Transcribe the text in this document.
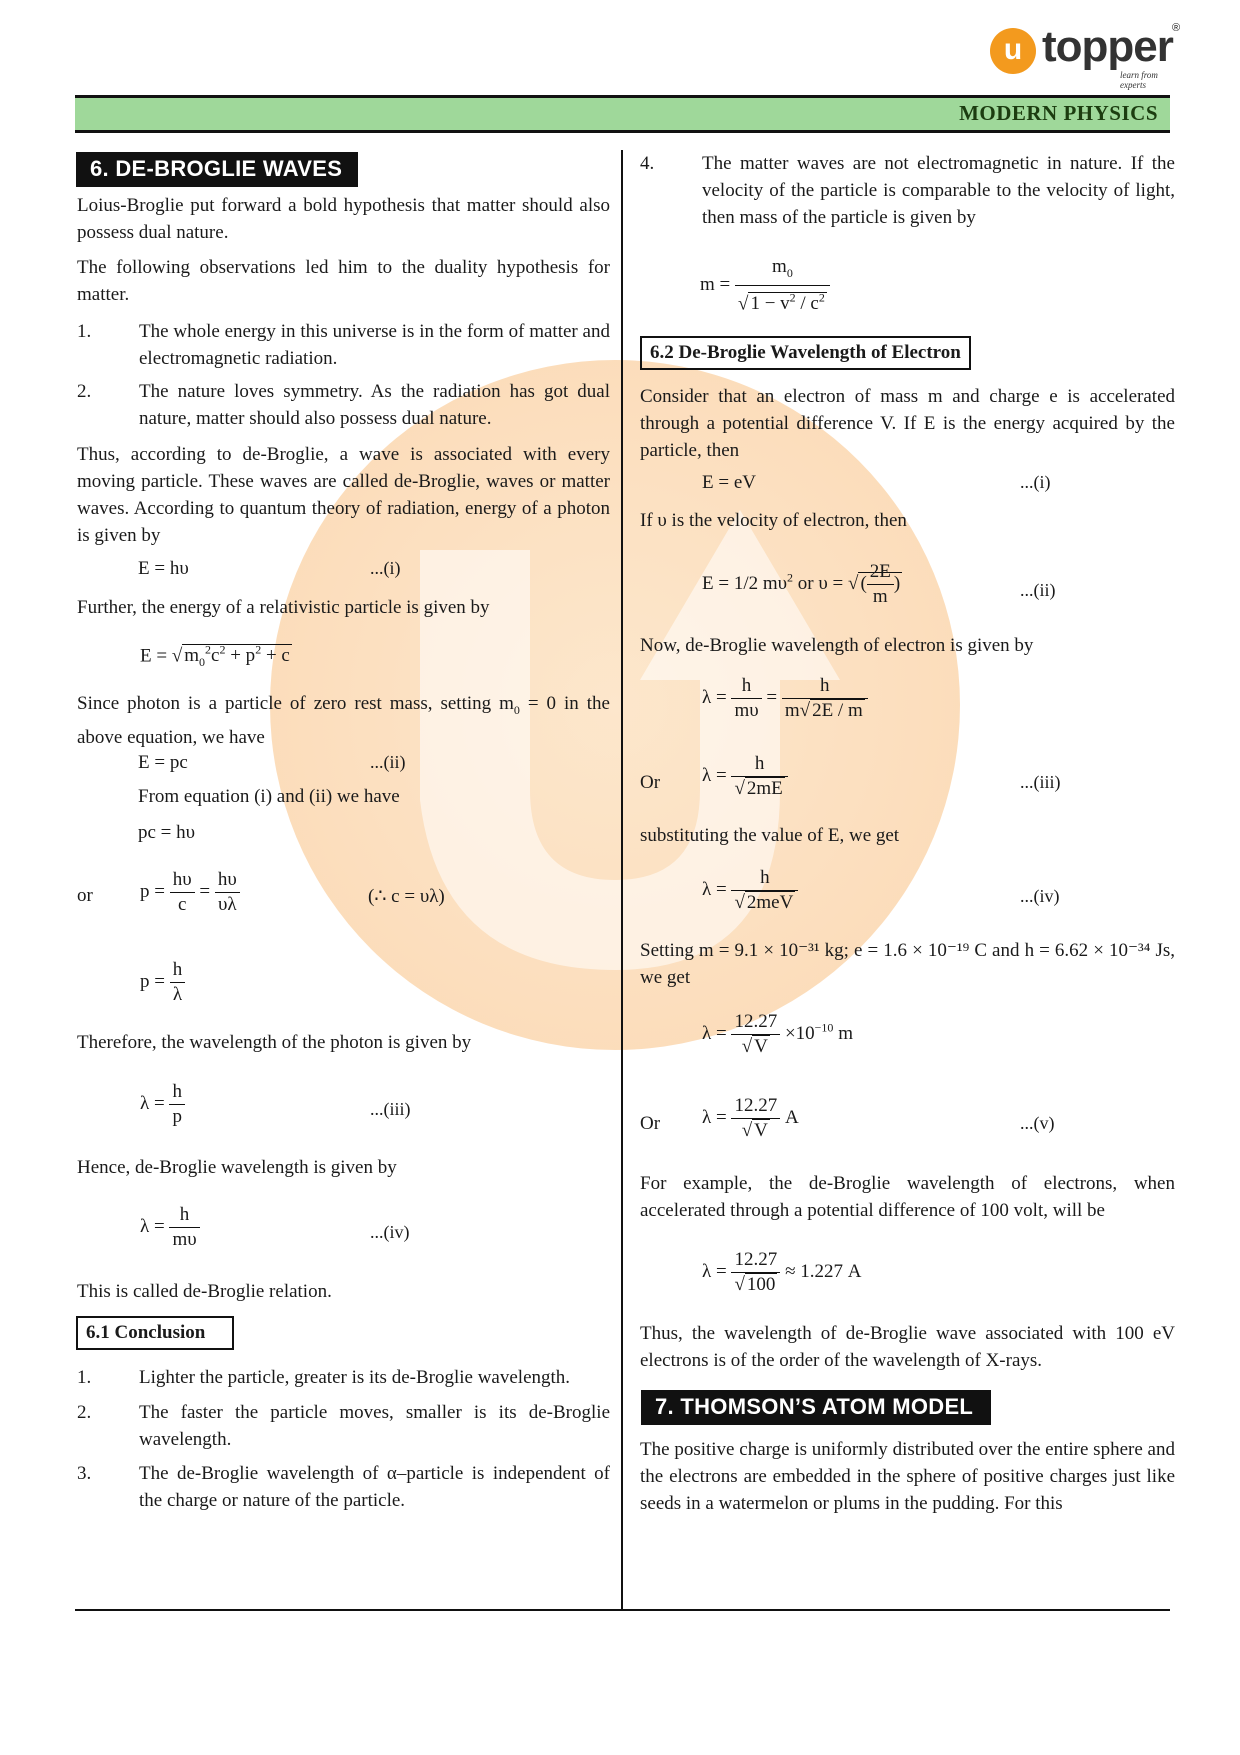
u topper ®
learn from experts
MODERN PHYSICS
6. DE-BROGLIE WAVES

Loius-Broglie put forward a bold hypothesis that matter should also possess dual nature.

The following observations led him to the duality hypothesis for matter.

1.	The whole energy in this universe is in the form of matter and electromagnetic radiation.
2.	The nature loves symmetry. As the radiation has got dual nature, matter should also possess dual nature.

Thus, according to de-Broglie, a wave is associated with every moving particle. These waves are called de-Broglie, waves or matter waves. According to quantum theory of radiation, energy of a photon is given by

E = hυ	...(i)

Further, the energy of a relativistic particle is given by

E = √ $m_0^2c^2 + p^2 + c$

Since photon is a particle of zero rest mass, setting $m_0 = 0$ in the above equation, we have

E = pc	...(ii)
From equation (i) and (ii) we have
pc = hυ
or $p = \frac{h\upsilon}{c} = \frac{h\upsilon}{\upsilon\lambda}$	(∴ c = υλ)
$p = \frac{h}{\lambda}$

Therefore, the wavelength of the photon is given by

$\lambda = \frac{h}{p}$	...(iii)

Hence, de-Broglie wavelength is given by

$\lambda = \frac{h}{m\upsilon}$	...(iv)

This is called de-Broglie relation.

6.1 Conclusion
1.	Lighter the particle, greater is its de-Broglie wavelength.
2.	The faster the particle moves, smaller is its de-Broglie wavelength.
3.	The de-Broglie wavelength of α–particle is independent of the charge or nature of the particle.
4.	The matter waves are not electromagnetic in nature. If the velocity of the particle is comparable to the velocity of light, then mass of the particle is given by
$m = \frac{m_0}{√ 1 - v^2 / c^2}$
6.2 De-Broglie Wavelength of Electron

Consider that an electron of mass m and charge e is accelerated through a potential difference V. If E is the energy acquired by the particle, then

E = eV	...(i)

If υ is the velocity of electron, then

E = 1/2 $m\upsilon^2$ or υ = √ ( $\frac{2E}{m}$ )	...(ii)

Now, de-Broglie wavelength of electron is given by

$\lambda = \frac{h}{m\upsilon} = \frac{h}{m√ 2E / m}$
Or $\lambda = \frac{h}{√ 2mE}$	...(iii)

substituting the value of E, we get

$\lambda = \frac{h}{\text{√ 2meV}}$	...(iv)

Setting m = 9.1 × 10⁻³¹ kg; e = 1.6 × 10⁻¹⁹ C and h = 6.62 × 10⁻³⁴ Js, we get

$\lambda = \frac{12.27}{√ V} \times 10^{-10}$ m
Or $\lambda = \frac{12.27}{√ V}$ A	...(v)

For example, the de-Broglie wavelength of electrons, when accelerated through a potential difference of 100 volt, will be

$\lambda = \frac{12.27}{√ 100} \approx 1.227$ A

Thus, the wavelength of de-Broglie wave associated with 100 eV electrons is of the order of the wavelength of X-rays.

7. THOMSON’S ATOM MODEL

The positive charge is uniformly distributed over the entire sphere and the electrons are embedded in the sphere of positive charges just like seeds in a watermelon or plums in the pudding. For this
